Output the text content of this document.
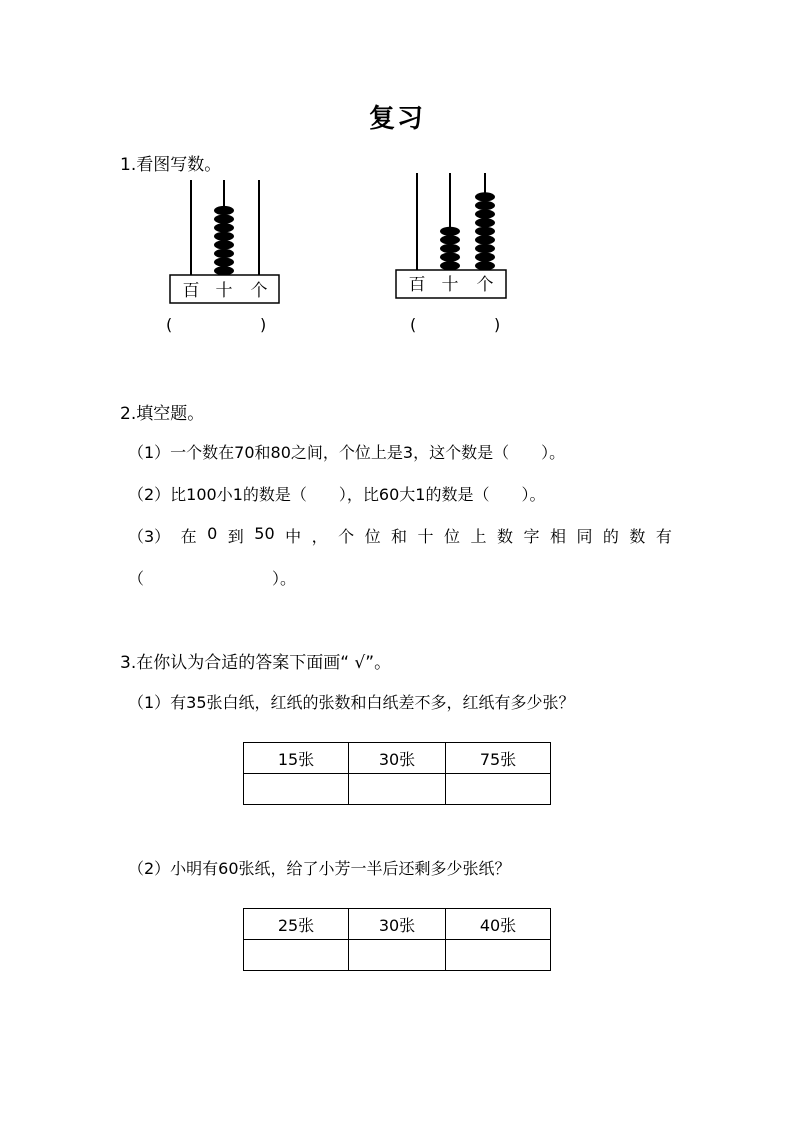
复习
1.看图写数。
百 十 个
(	)
百 十 个
(	)
2.填空题。
（1）一个数在70和80之间，个位上是3，这个数是（　　）。
（2）比100小1的数是（　　），比60大1的数是（　　）。
（3） 在 0 到 50 中 ， 个 位 和 十 位 上 数 字 相 同 的 数 有
（　　　　　　　　）。
3.在你认为合适的答案下面画“ √”。
（1）有35张白纸，红纸的张数和白纸差不多，红纸有多少张？
15张	30张	75张

（2）小明有60张纸，给了小芳一半后还剩多少张纸？
25张	30张	40张
